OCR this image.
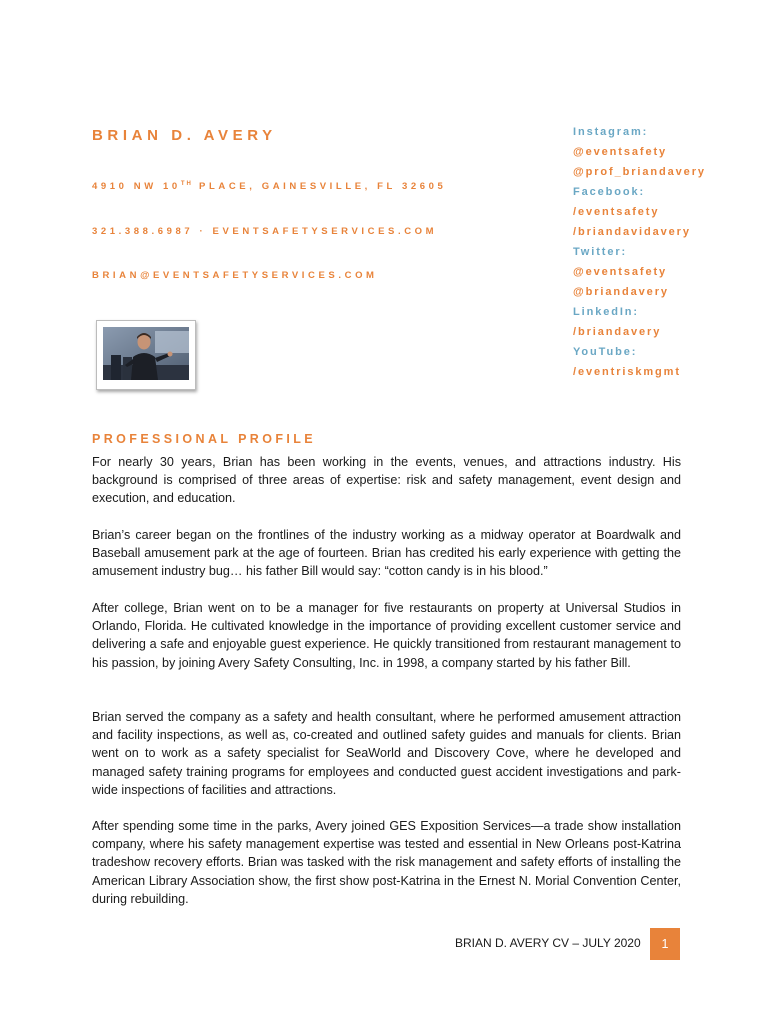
BRIAN D. AVERY
4910 NW 10TH PLACE, GAINESVILLE, FL 32605
321.388.6987 · EVENTSAFETYSERVICES.COM
BRIAN@EVENTSAFETYSERVICES.COM
Instagram:
@eventsafety
@prof_briandavery
Facebook:
/eventsafety
/briandavidavery
Twitter:
@eventsafety
@briandavery
LinkedIn:
/briandavery
YouTube:
/eventriskmgmt
PROFESSIONAL PROFILE

For nearly 30 years, Brian has been working in the events, venues, and attractions industry. His background is comprised of three areas of expertise: risk and safety management, event design and execution, and education.

Brian’s career began on the frontlines of the industry working as a midway operator at Boardwalk and Baseball amusement park at the age of fourteen. Brian has credited his early experience with getting the amusement industry bug… his father Bill would say: “cotton candy is in his blood.”

After college, Brian went on to be a manager for five restaurants on property at Universal Studios in Orlando, Florida. He cultivated knowledge in the importance of providing excellent customer service and delivering a safe and enjoyable guest experience. He quickly transitioned from restaurant management to his passion, by joining Avery Safety Consulting, Inc. in 1998, a company started by his father Bill.

Brian served the company as a safety and health consultant, where he performed amusement attraction and facility inspections, as well as, co-created and outlined safety guides and manuals for clients. Brian went on to work as a safety specialist for SeaWorld and Discovery Cove, where he developed and managed safety training programs for employees and conducted guest accident investigations and park-wide inspections of facilities and attractions.

After spending some time in the parks, Avery joined GES Exposition Services—a trade show installation company, where his safety management expertise was tested and essential in New Orleans post-Katrina tradeshow recovery efforts. Brian was tasked with the risk management and safety efforts of installing the American Library Association show, the first show post-Katrina in the Ernest N. Morial Convention Center, during rebuilding.

BRIAN D. AVERY CV – JULY 2020	1
